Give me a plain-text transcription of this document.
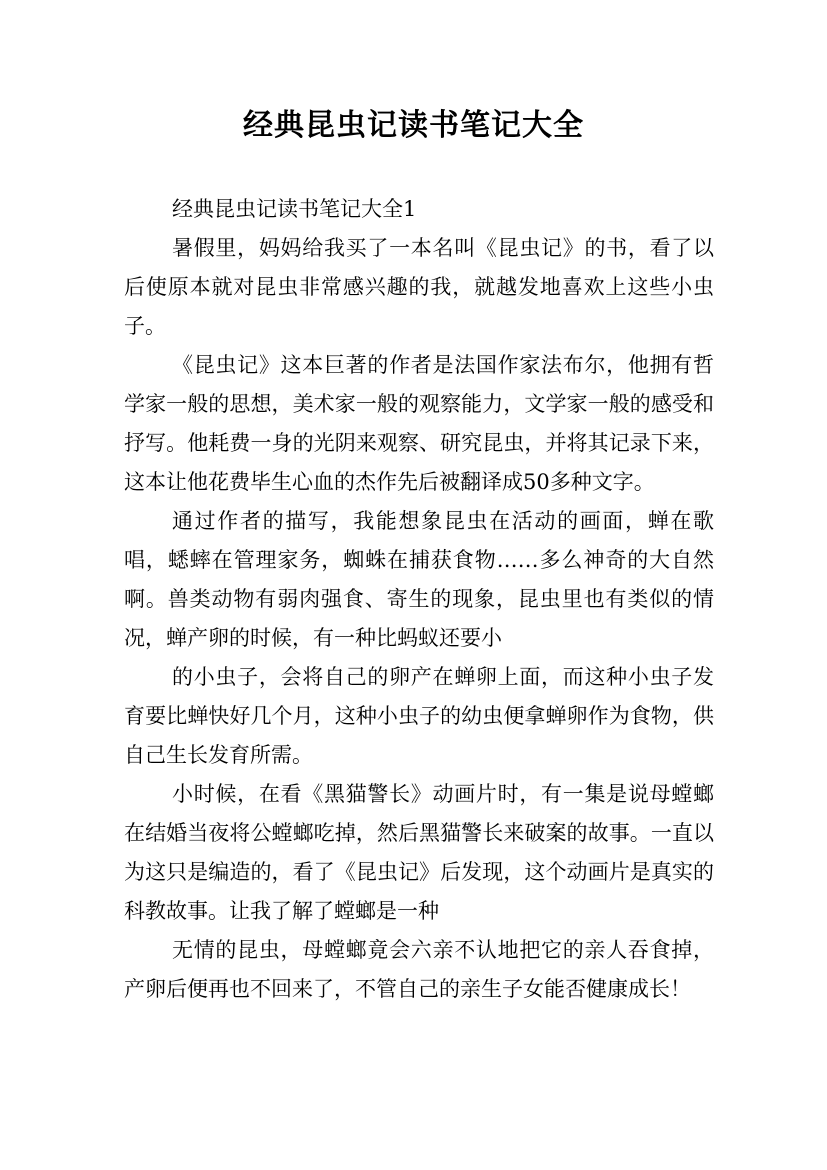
经典昆虫记读书笔记大全

经典昆虫记读书笔记大全1

暑假里，妈妈给我买了一本名叫《昆虫记》的书，看了以后使原本就对昆虫非常感兴趣的我，就越发地喜欢上这些小虫子。

《昆虫记》这本巨著的作者是法国作家法布尔，他拥有哲学家一般的思想，美术家一般的观察能力，文学家一般的感受和抒写。他耗费一身的光阴来观察、研究昆虫，并将其记录下来，这本让他花费毕生心血的杰作先后被翻译成50多种文字。

通过作者的描写，我能想象昆虫在活动的画面，蝉在歌唱，蟋蟀在管理家务，蜘蛛在捕获食物……多么神奇的大自然啊。兽类动物有弱肉强食、寄生的现象，昆虫里也有类似的情况，蝉产卵的时候，有一种比蚂蚁还要小

的小虫子，会将自己的卵产在蝉卵上面，而这种小虫子发育要比蝉快好几个月，这种小虫子的幼虫便拿蝉卵作为食物，供自己生长发育所需。

小时候，在看《黑猫警长》动画片时，有一集是说母螳螂在结婚当夜将公螳螂吃掉，然后黑猫警长来破案的故事。一直以为这只是编造的，看了《昆虫记》后发现，这个动画片是真实的科教故事。让我了解了螳螂是一种

无情的昆虫，母螳螂竟会六亲不认地把它的亲人吞食掉，产卵后便再也不回来了，不管自己的亲生子女能否健康成长！
